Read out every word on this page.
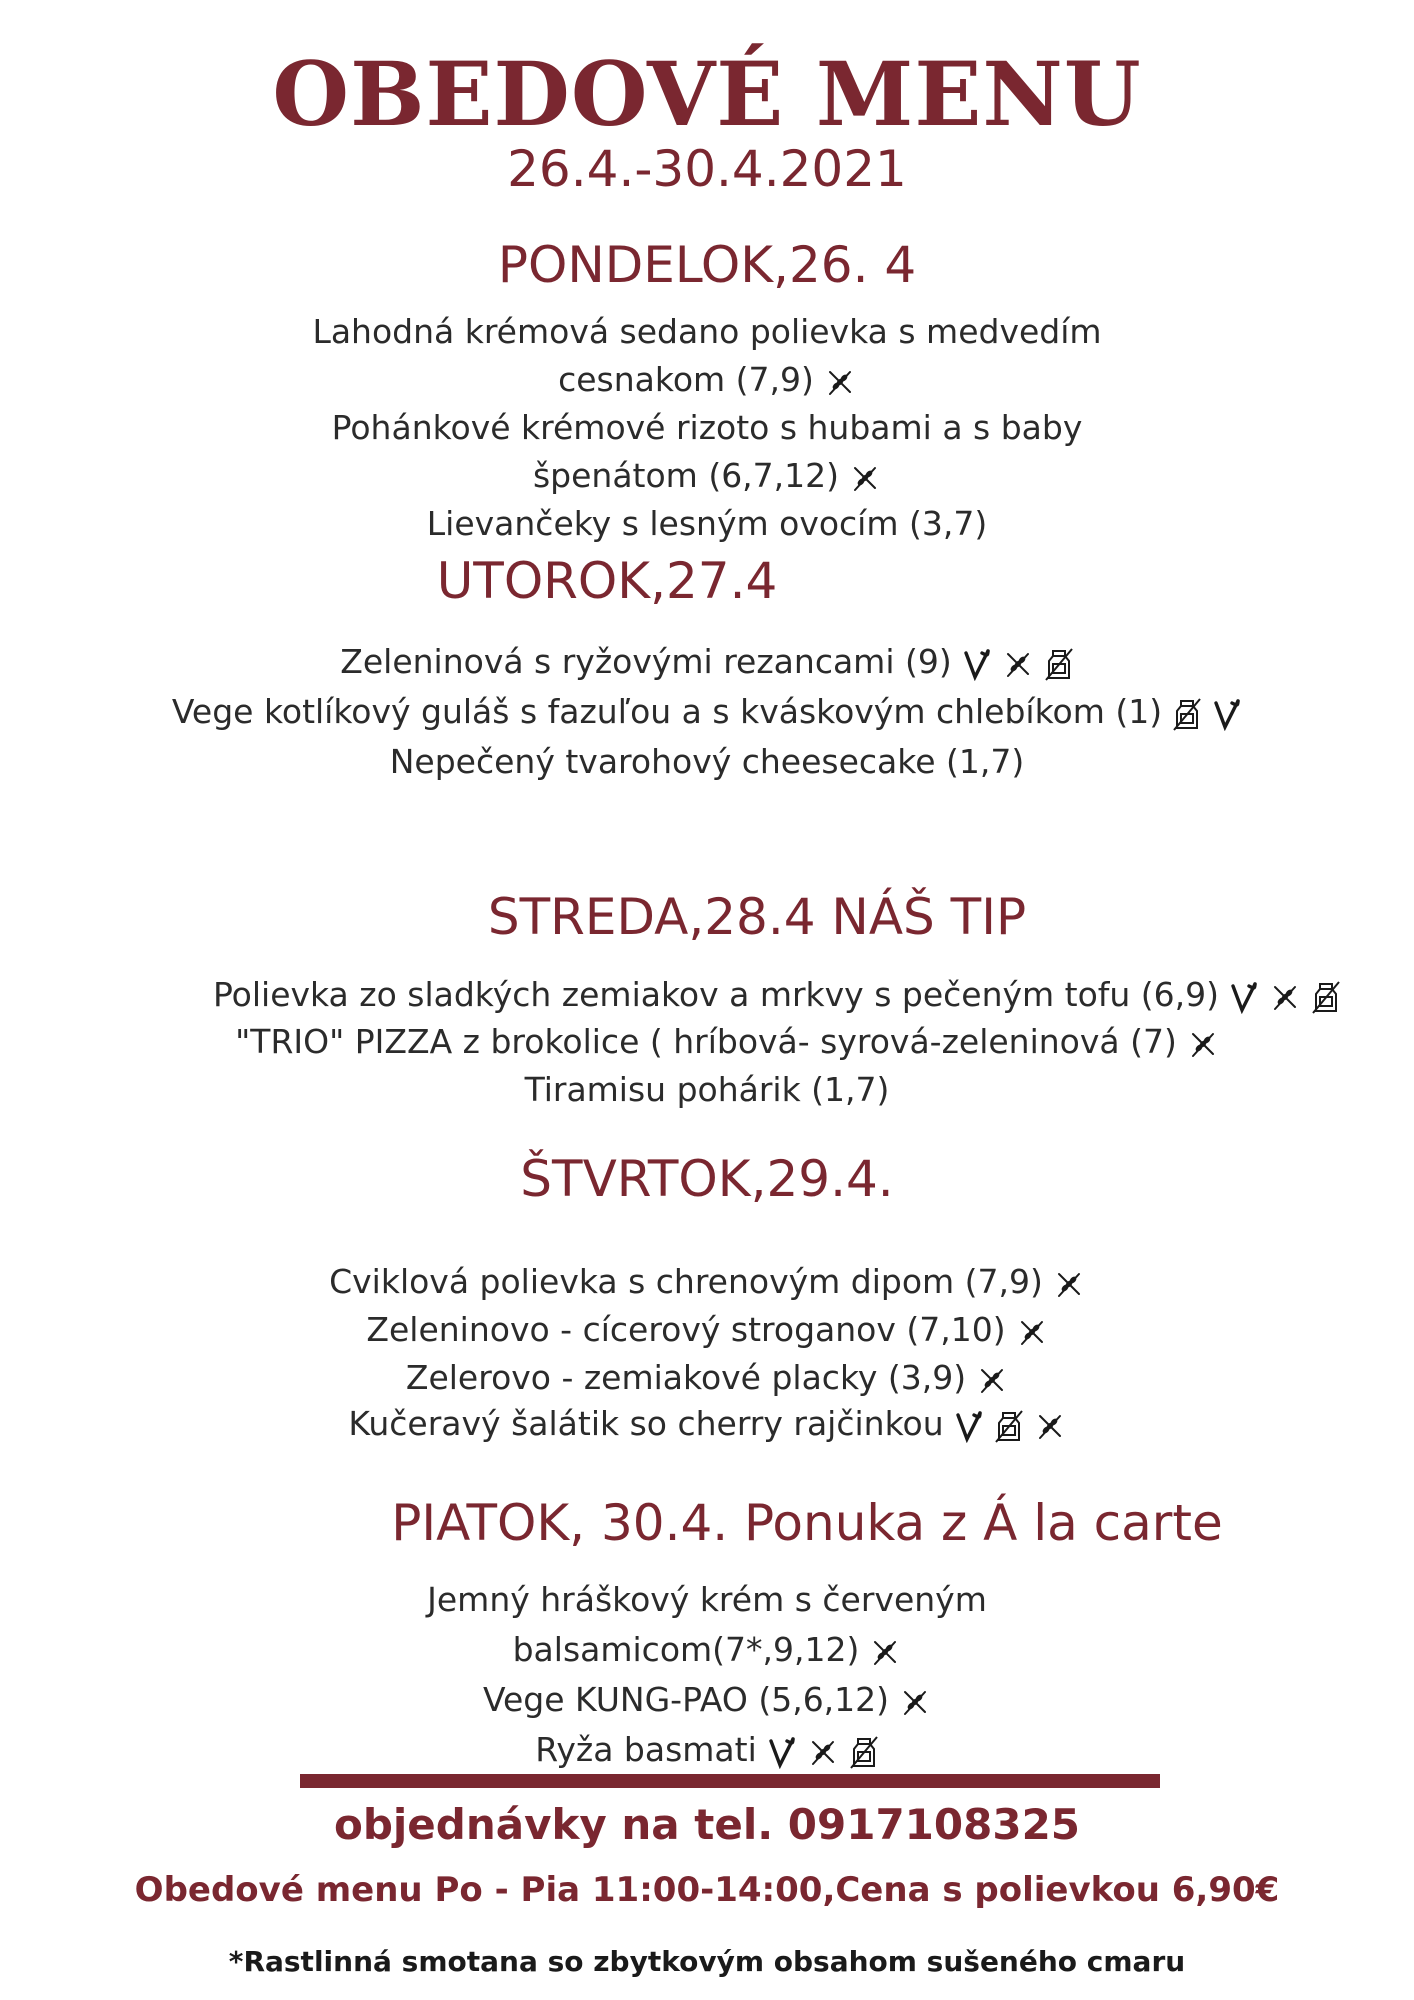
OBEDOVÉ MENU
26.4.-30.4.2021
PONDELOK,26. 4
Lahodná krémová sedano polievka s medvedím
cesnakom (7,9)
Pohánkové krémové rizoto s hubami a s baby
špenátom (6,7,12)
Lievančeky s lesným ovocím (3,7)
UTOROK,27.4
Zeleninová s ryžovými rezancami (9)
Vege kotlíkový guláš s fazuľou a s kváskovým chlebíkom (1)
Nepečený tvarohový cheesecake (1,7)
STREDA,28.4 NÁŠ TIP
Polievka zo sladkých zemiakov a mrkvy s pečeným tofu (6,9)
"TRIO" PIZZA z brokolice ( hríbová- syrová-zeleninová (7)
Tiramisu pohárik (1,7)
ŠTVRTOK,29.4.
Cviklová polievka s chrenovým dipom (7,9)
Zeleninovo - cícerový stroganov (7,10)
Zelerovo - zemiakové placky (3,9)
Kučeravý šalátik so cherry rajčinkou
PIATOK, 30.4. Ponuka z Á la carte
Jemný hráškový krém s červeným
balsamicom(7*,9,12)
Vege KUNG-PAO (5,6,12)
Ryža basmati
objednávky na tel. 0917108325
Obedové menu Po - Pia 11:00-14:00,Cena s polievkou 6,90€
*Rastlinná smotana so zbytkovým obsahom sušeného cmaru
